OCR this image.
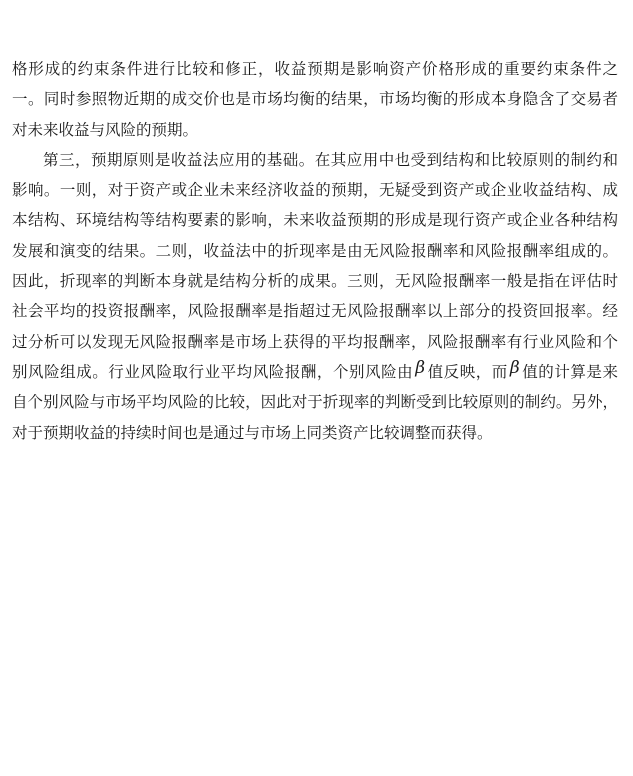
格形成的约束条件进行比较和修正，收益预期是影响资产价格形成的重要约束条件之
一。同时参照物近期的成交价也是市场均衡的结果，市场均衡的形成本身隐含了交易者
对未来收益与风险的预期。
第三，预期原则是收益法应用的基础。在其应用中也受到结构和比较原则的制约和
影响。一则，对于资产或企业未来经济收益的预期，无疑受到资产或企业收益结构、成
本结构、环境结构等结构要素的影响，未来收益预期的形成是现行资产或企业各种结构
发展和演变的结果。二则，收益法中的折现率是由无风险报酬率和风险报酬率组成的。
因此，折现率的判断本身就是结构分析的成果。三则，无风险报酬率一般是指在评估时
社会平均的投资报酬率，风险报酬率是指超过无风险报酬率以上部分的投资回报率。经
过分析可以发现无风险报酬率是市场上获得的平均报酬率，风险报酬率有行业风险和个
别风险组成。行业风险取行业平均风险报酬，个别风险由 β 值反映，而 β 值的计算是来
自个别风险与市场平均风险的比较，因此对于折现率的判断受到比较原则的制约。另外，
对于预期收益的持续时间也是通过与市场上同类资产比较调整而获得。
